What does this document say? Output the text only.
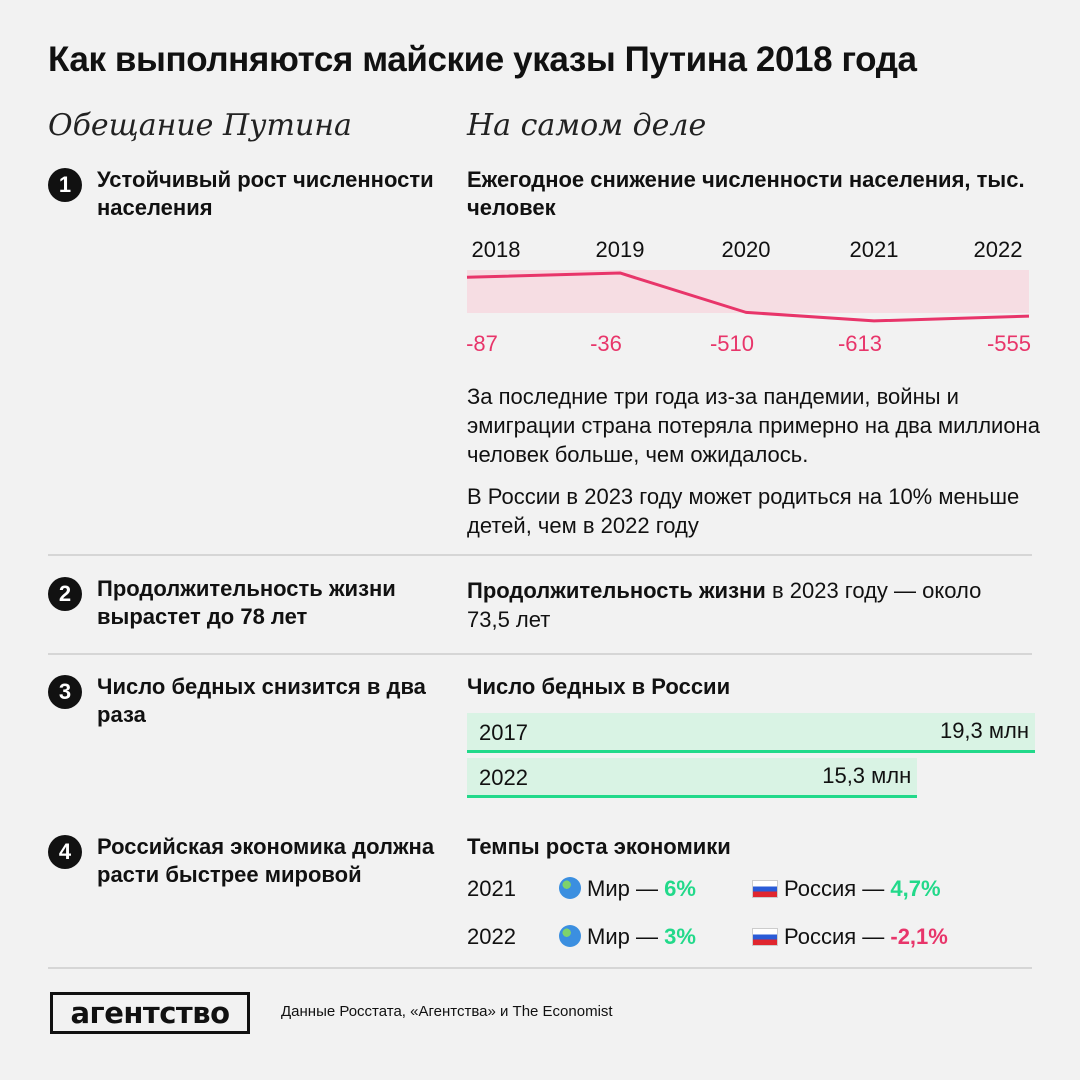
Как выполняются майские указы Путина 2018 года
Обещание Путина	На самом деле
1	Устойчивый рост численности населения
Ежегодное снижение численности населения, тыс. человек
2018	2019	2020	2021	2022
-87	-36	-510	-613	-555
За последние три года из-за пандемии, войны и эмиграции страна потеряла примерно на два миллиона человек больше, чем ожидалось.
В России в 2023 году может родиться на 10% меньше детей, чем в 2022 году
2	Продолжительность жизни вырастет до 78 лет
Продолжительность жизни в 2023 году — около 73,5 лет
3	Число бедных снизится в два раза
Число бедных в России
2017	19,3 млн
2022	15,3 млн
4	Российская экономика должна расти быстрее мировой
Темпы роста экономики
2021	Мир — 6%	Россия — 4,7%
2022	Мир — 3%	Россия — -2,1%
агентство	Данные Росстата, «Агентства» и The Economist
